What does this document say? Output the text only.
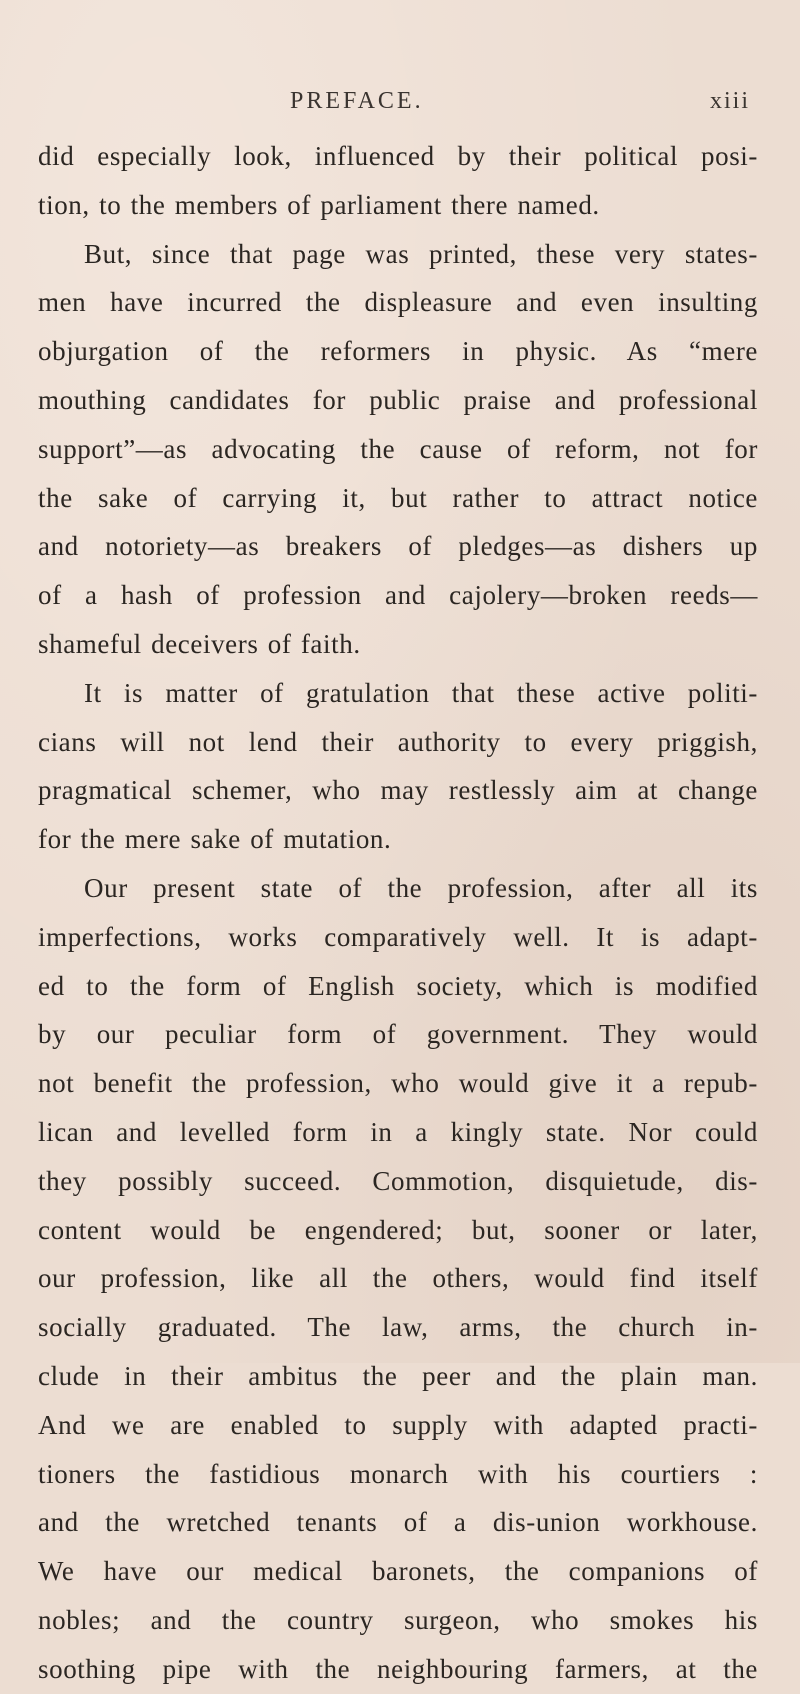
PREFACE.	xiii
did especially look, influenced by their political posi-
tion, to the members of parliament there named.
But, since that page was printed, these very states-
men have incurred the displeasure and even insulting
objurgation of the reformers in physic. As “mere
mouthing candidates for public praise and professional
support”—as advocating the cause of reform, not for
the sake of carrying it, but rather to attract notice
and notoriety—as breakers of pledges—as dishers up
of a hash of profession and cajolery—broken reeds—
shameful deceivers of faith.
It is matter of gratulation that these active politi-
cians will not lend their authority to every priggish,
pragmatical schemer, who may restlessly aim at change
for the mere sake of mutation.
Our present state of the profession, after all its
imperfections, works comparatively well. It is adapt-
ed to the form of English society, which is modified
by our peculiar form of government. They would
not benefit the profession, who would give it a repub-
lican and levelled form in a kingly state. Nor could
they possibly succeed. Commotion, disquietude, dis-
content would be engendered; but, sooner or later,
our profession, like all the others, would find itself
socially graduated. The law, arms, the church in-
clude in their ambitus the peer and the plain man.
And we are enabled to supply with adapted practi-
tioners the fastidious monarch with his courtiers :
and the wretched tenants of a dis-union workhouse.
We have our medical baronets, the companions of
nobles; and the country surgeon, who smokes his
soothing pipe with the neighbouring farmers, at the
